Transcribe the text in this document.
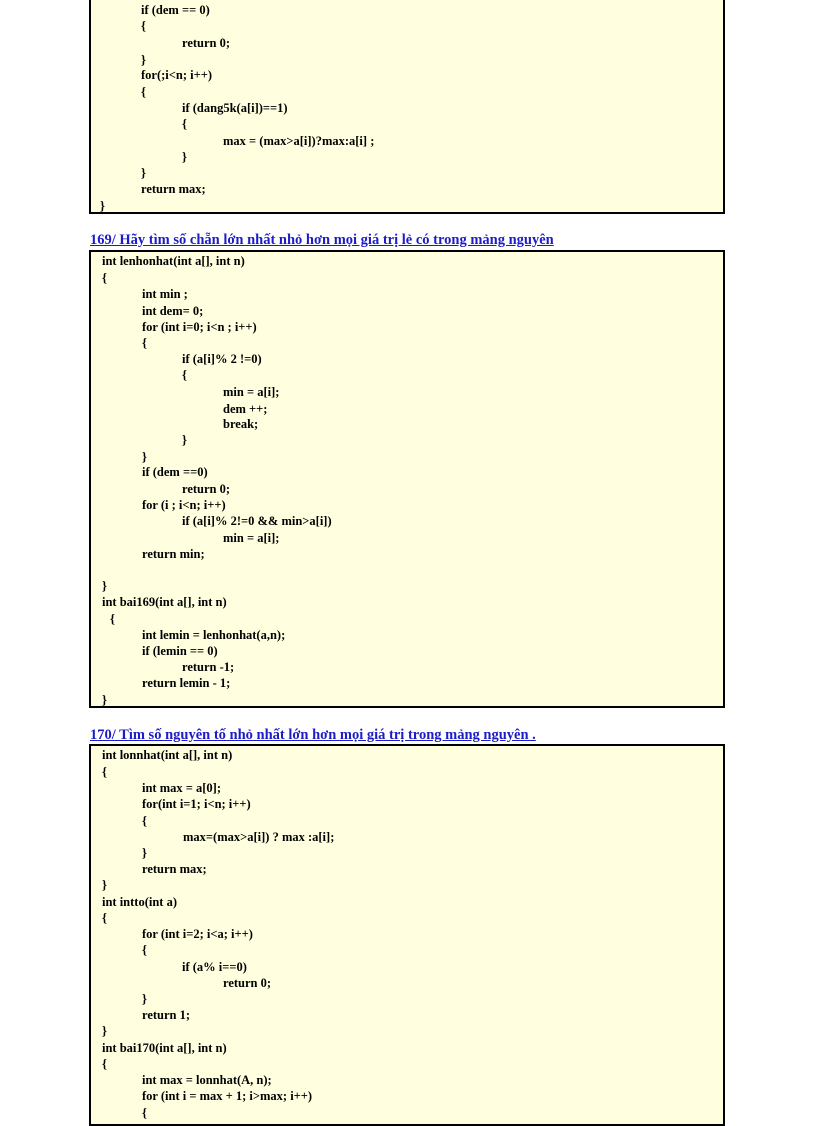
if (dem == 0)
{
return 0;
}
for(;i<n; i++)
{
if (dang5k(a[i])==1)
{
max = (max>a[i])?max:a[i] ;
}
}
return max;
}
169/ Hãy tìm số chẵn lớn nhất nhỏ hơn mọi giá trị lẻ có trong mảng nguyên
int lenhonhat(int a[], int n)
{
int min ;
int dem= 0;
for (int i=0; i<n ; i++)
{
if (a[i]% 2 !=0)
{
min = a[i];
dem ++;
break;
}
}
if (dem ==0)
return 0;
for (i ; i<n; i++)
if (a[i]% 2!=0 && min>a[i])
min = a[i];
return min;
}
int bai169(int a[], int n)
{
int lemin = lenhonhat(a,n);
if (lemin == 0)
return -1;
return lemin - 1;
}
170/ Tìm số nguyên tố nhỏ nhất lớn hơn mọi giá trị trong mảng nguyên .
int lonnhat(int a[], int n)
{
int max = a[0];
for(int i=1; i<n; i++)
{
max=(max>a[i]) ? max :a[i];
}
return max;
}
int intto(int a)
{
for (int i=2; i<a; i++)
{
if (a% i==0)
return 0;
}
return 1;
}
int bai170(int a[], int n)
{
int max = lonnhat(A, n);
for (int i = max + 1; i>max; i++)
{
